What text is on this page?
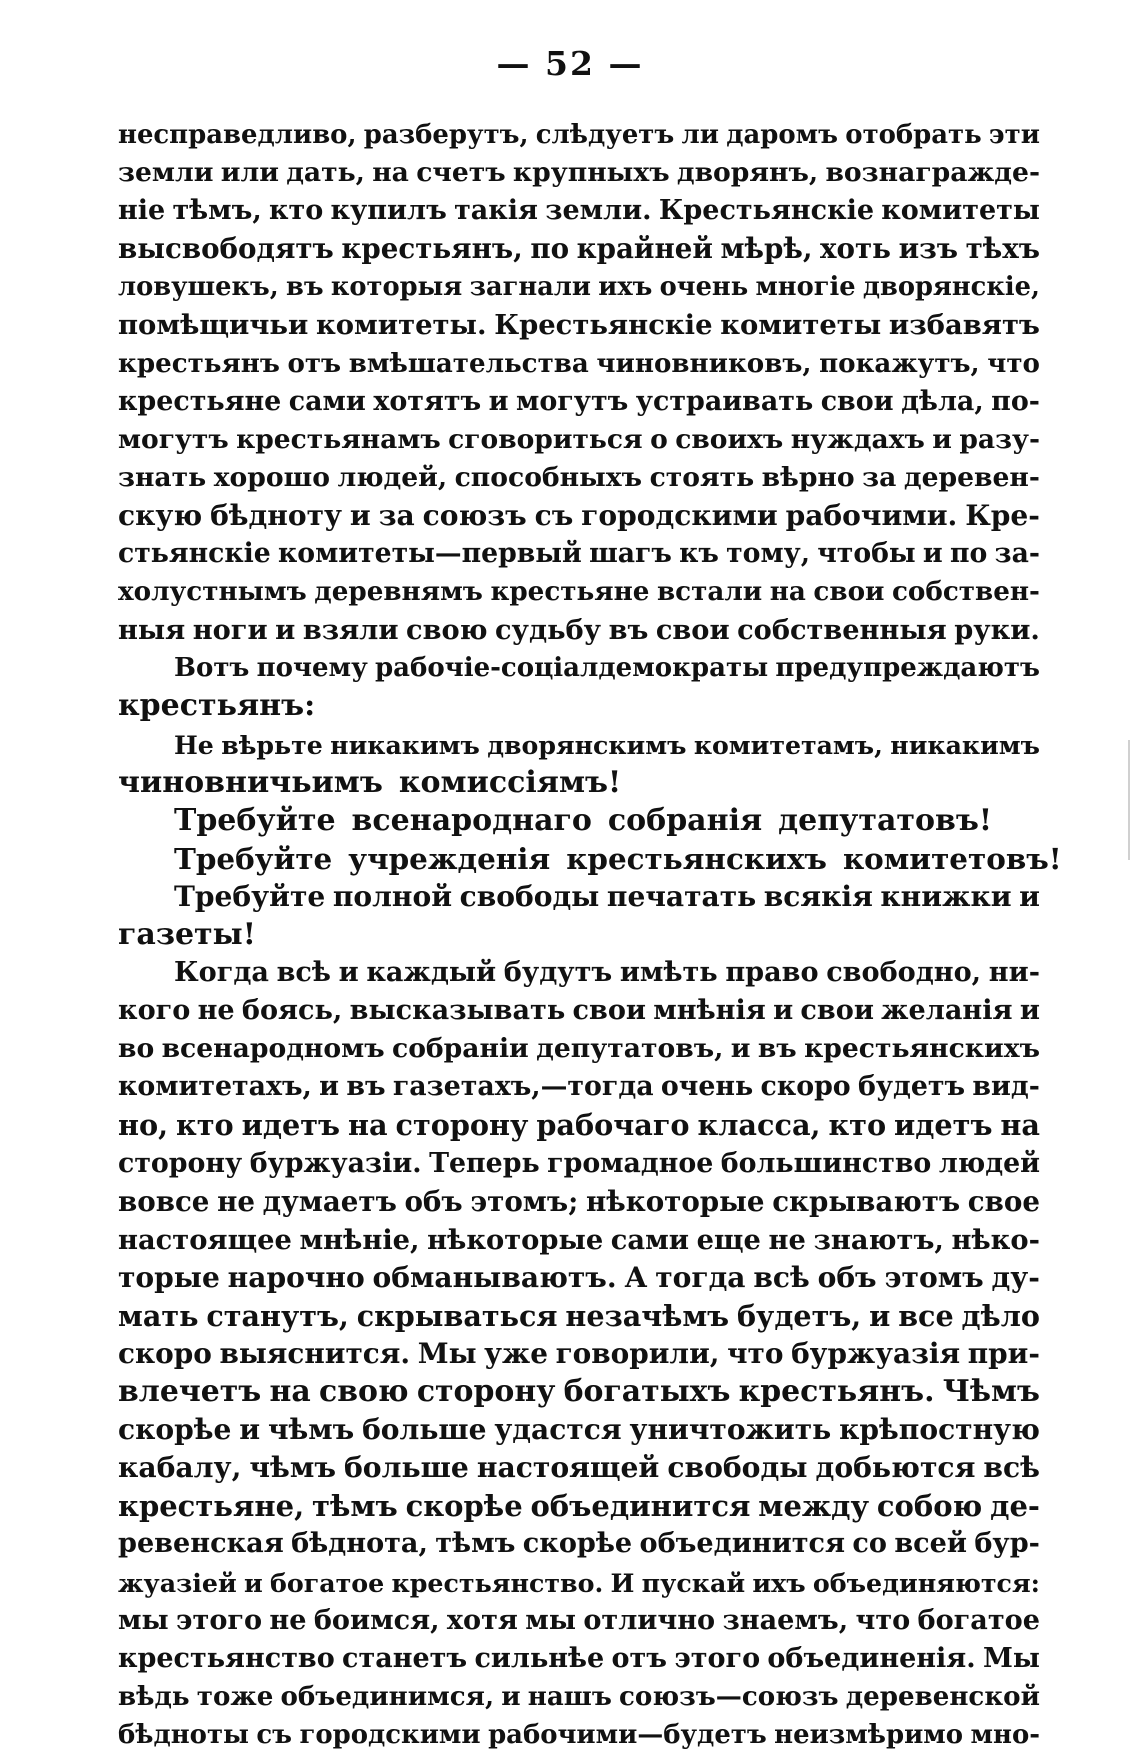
— 52 —
несправедливо, разберутъ, слѣдуетъ ли даромъ отобрать эти
земли или дать, на счетъ крупныхъ дворянъ, вознагражде-
ніе тѣмъ, кто купилъ такія земли. Крестьянскіе комитеты
высвободятъ крестьянъ, по крайней мѣрѣ, хоть изъ тѣхъ
ловушекъ, въ которыя загнали ихъ очень многіе дворянскіе,
помѣщичьи комитеты. Крестьянскіе комитеты избавятъ
крестьянъ отъ вмѣшательства чиновниковъ, покажутъ, что
крестьяне сами хотятъ и могутъ устраивать свои дѣла, по-
могутъ крестьянамъ сговориться о своихъ нуждахъ и разу-
знать хорошо людей, способныхъ стоять вѣрно за деревен-
скую бѣдноту и за союзъ съ городскими рабочими. Кре-
стьянскіе комитеты—первый шагъ къ тому, чтобы и по за-
холустнымъ деревнямъ крестьяне встали на свои собствен-
ныя ноги и взяли свою судьбу въ свои собственныя руки.
Вотъ почему рабочіе-соціалдемократы предупреждаютъ
крестьянъ:
Не вѣрьте никакимъ дворянскимъ комитетамъ, никакимъ
чиновничьимъ комиссіямъ!
Требуйте всенароднаго собранія депутатовъ!
Требуйте учрежденія крестьянскихъ комитетовъ!
Требуйте полной свободы печатать всякія книжки и
газеты!
Когда всѣ и каждый будутъ имѣть право свободно, ни-
кого не боясь, высказывать свои мнѣнія и свои желанія и
во всенародномъ собраніи депутатовъ, и въ крестьянскихъ
комитетахъ, и въ газетахъ,—тогда очень скоро будетъ вид-
но, кто идетъ на сторону рабочаго класса, кто идетъ на
сторону буржуазіи. Теперь громадное большинство людей
вовсе не думаетъ объ этомъ; нѣкоторые скрываютъ свое
настоящее мнѣніе, нѣкоторые сами еще не знаютъ, нѣко-
торые нарочно обманываютъ. А тогда всѣ объ этомъ ду-
мать станутъ, скрываться незачѣмъ будетъ, и все дѣло
скоро выяснится. Мы уже говорили, что буржуазія при-
влечетъ на свою сторону богатыхъ крестьянъ. Чѣмъ
скорѣе и чѣмъ больше удастся уничтожить крѣпостную
кабалу, чѣмъ больше настоящей свободы добьются всѣ
крестьяне, тѣмъ скорѣе объединится между собою де-
ревенская бѣднота, тѣмъ скорѣе объединится со всей бур-
жуазіей и богатое крестьянство. И пускай ихъ объединяются:
мы этого не боимся, хотя мы отлично знаемъ, что богатое
крестьянство станетъ сильнѣе отъ этого объединенія. Мы
вѣдь тоже объединимся, и нашъ союзъ—союзъ деревенской
бѣдноты съ городскими рабочими—будетъ неизмѣримо мно-
